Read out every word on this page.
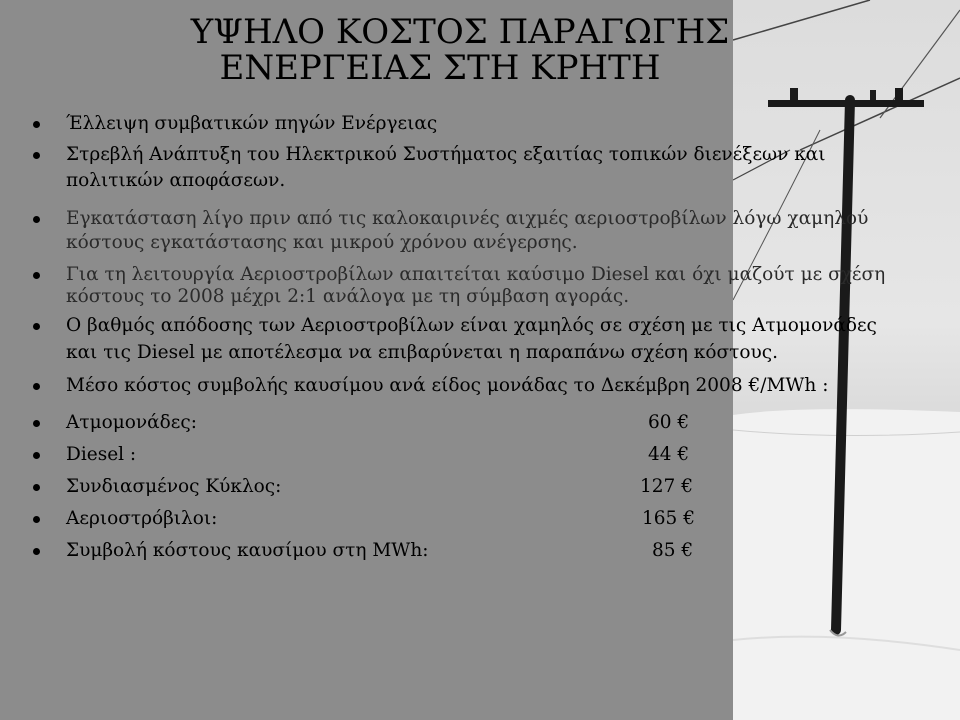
ΥΨΗΛΟ ΚΟΣΤΟΣ ΠΑΡΑΓΩΓΗΣ
ΕΝΕΡΓΕΙΑΣ ΣΤΗ ΚΡΗΤΗ
Έλλειψη συμβατικών πηγών Ενέργειας
Στρεβλή Ανάπτυξη του Ηλεκτρικού Συστήματος εξαιτίας τοπικών διενέξεων και
πολιτικών αποφάσεων.
Εγκατάσταση λίγο πριν από τις καλοκαιρινές αιχμές αεριοστροβίλων λόγω χαμηλού
κόστους εγκατάστασης και μικρού χρόνου ανέγερσης.
Για τη λειτουργία Αεριοστροβίλων απαιτείται καύσιμο Diesel και όχι μαζούτ με σχέση
κόστους το 2008 μέχρι 2:1 ανάλογα με τη σύμβαση αγοράς.
Ο βαθμός απόδοσης των Αεριοστροβίλων είναι χαμηλός σε σχέση με τις Ατμομονάδες
και τις Diesel με αποτέλεσμα να επιβαρύνεται η παραπάνω σχέση κόστους.
Μέσο κόστος συμβολής καυσίμου ανά είδος μονάδας το Δεκέμβρη 2008 €/MWh :
Ατμομονάδες:	60 €
Diesel :	44 €
Συνδιασμένος Κύκλος:	127 €
Αεριοστρόβιλοι:	165 €
Συμβολή κόστους καυσίμου στη MWh:	85 €
